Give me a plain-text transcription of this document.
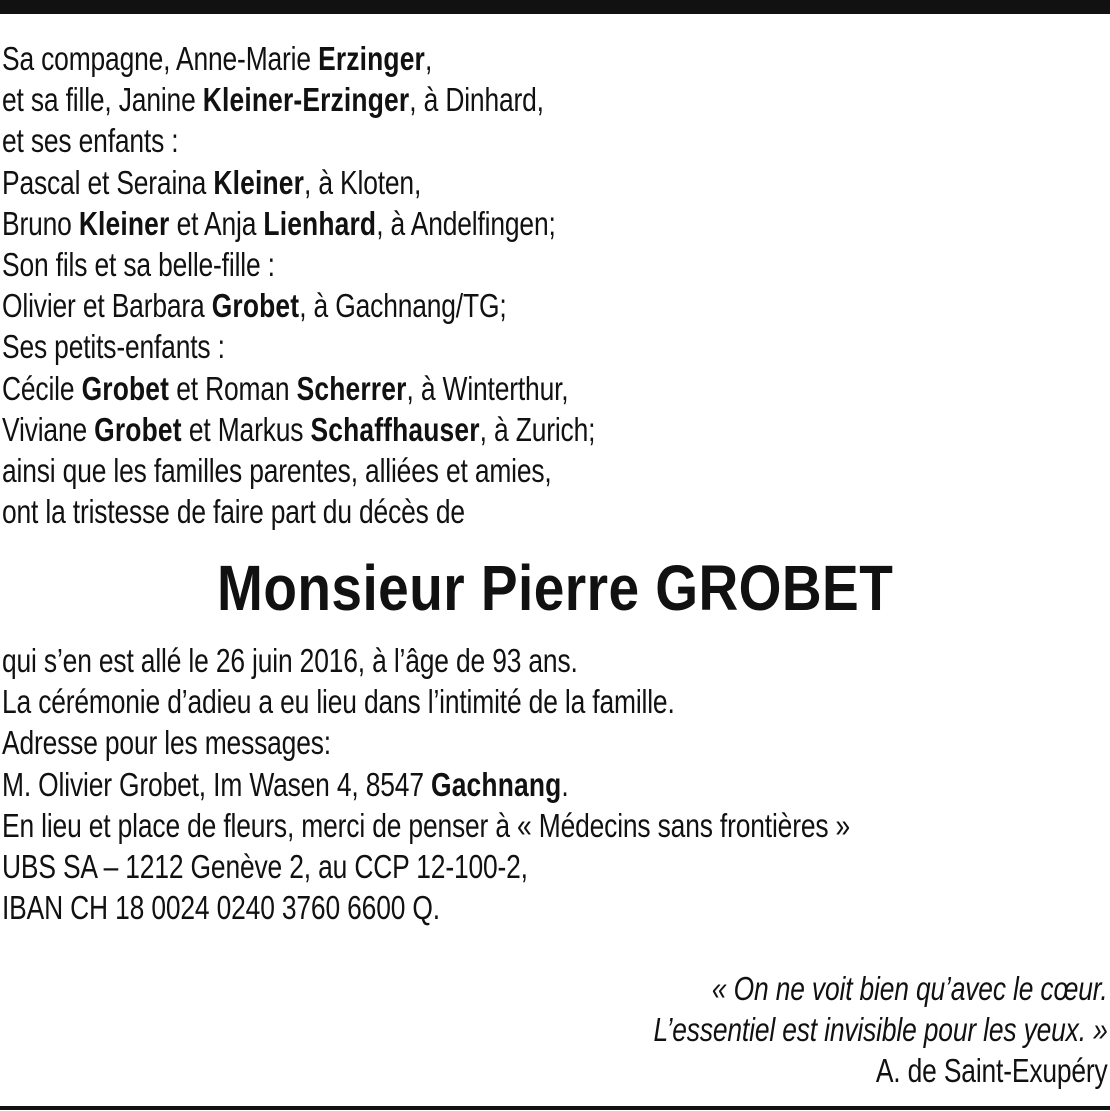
Sa compagne, Anne-Marie Erzinger,
et sa fille, Janine Kleiner-Erzinger, à Dinhard,
et ses enfants :
Pascal et Seraina Kleiner, à Kloten,
Bruno Kleiner et Anja Lienhard, à Andelfingen;
Son fils et sa belle-fille :
Olivier et Barbara Grobet, à Gachnang/TG;
Ses petits-enfants :
Cécile Grobet et Roman Scherrer, à Winterthur,
Viviane Grobet et Markus Schaffhauser, à Zurich;
ainsi que les familles parentes, alliées et amies,
ont la tristesse de faire part du décès de
Monsieur Pierre GROBET
qui s’en est allé le 26 juin 2016, à l’âge de 93 ans.
La cérémonie d’adieu a eu lieu dans l’intimité de la famille.
Adresse pour les messages:
M. Olivier Grobet, Im Wasen 4, 8547 Gachnang.
En lieu et place de fleurs, merci de penser à « Médecins sans frontières »
UBS SA – 1212 Genève 2, au CCP 12-100-2,
IBAN CH 18 0024 0240 3760 6600 Q.
« On ne voit bien qu’avec le cœur.
L’essentiel est invisible pour les yeux. »
A. de Saint-Exupéry
